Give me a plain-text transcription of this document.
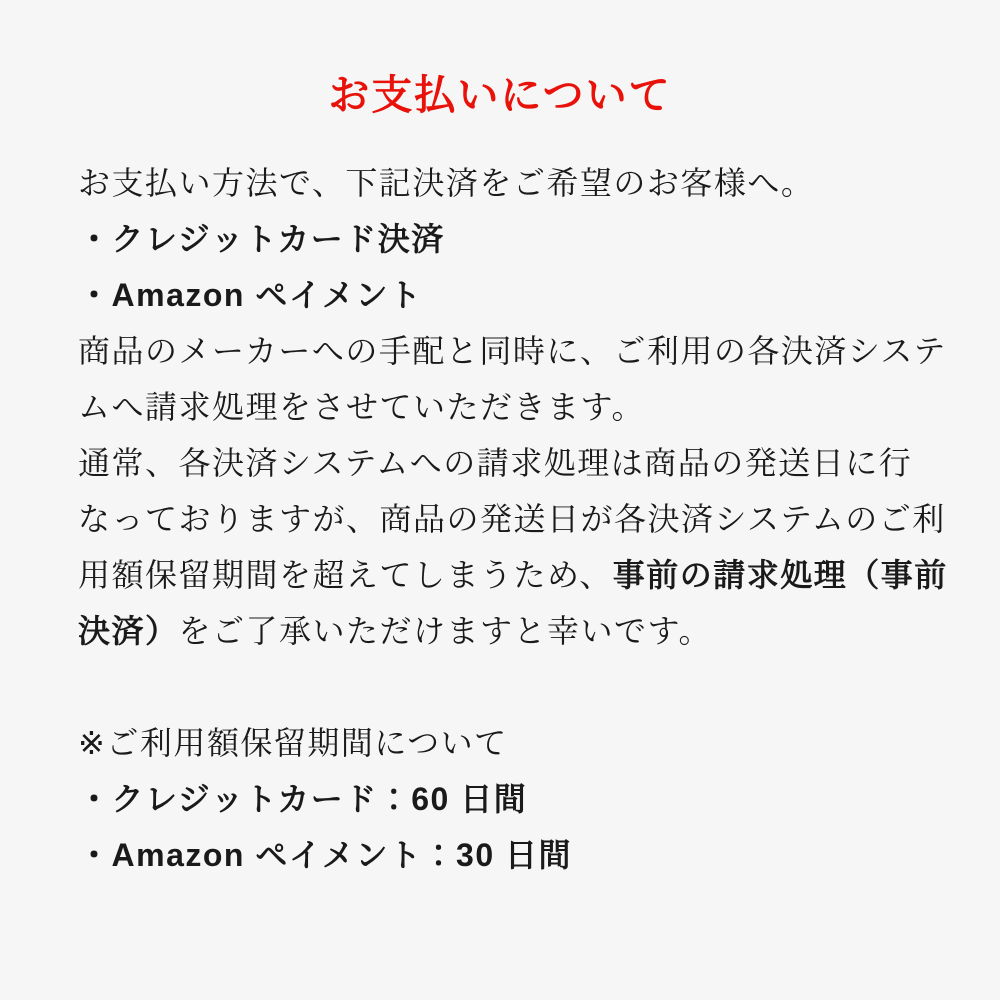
お支払いについて

お支払い方法で、下記決済をご希望のお客様へ。

・クレジットカード決済

・Amazon ペイメント

商品のメーカーへの手配と同時に、ご利用の各決済システ

ムへ請求処理をさせていただきます。

通常、各決済システムへの請求処理は商品の発送日に行

なっておりますが、商品の発送日が各決済システムのご利

用額保留期間を超えてしまうため、事前の請求処理（事前

決済）をご了承いただけますと幸いです。

※ご利用額保留期間について

・クレジットカード：60 日間

・Amazon ペイメント：30 日間
